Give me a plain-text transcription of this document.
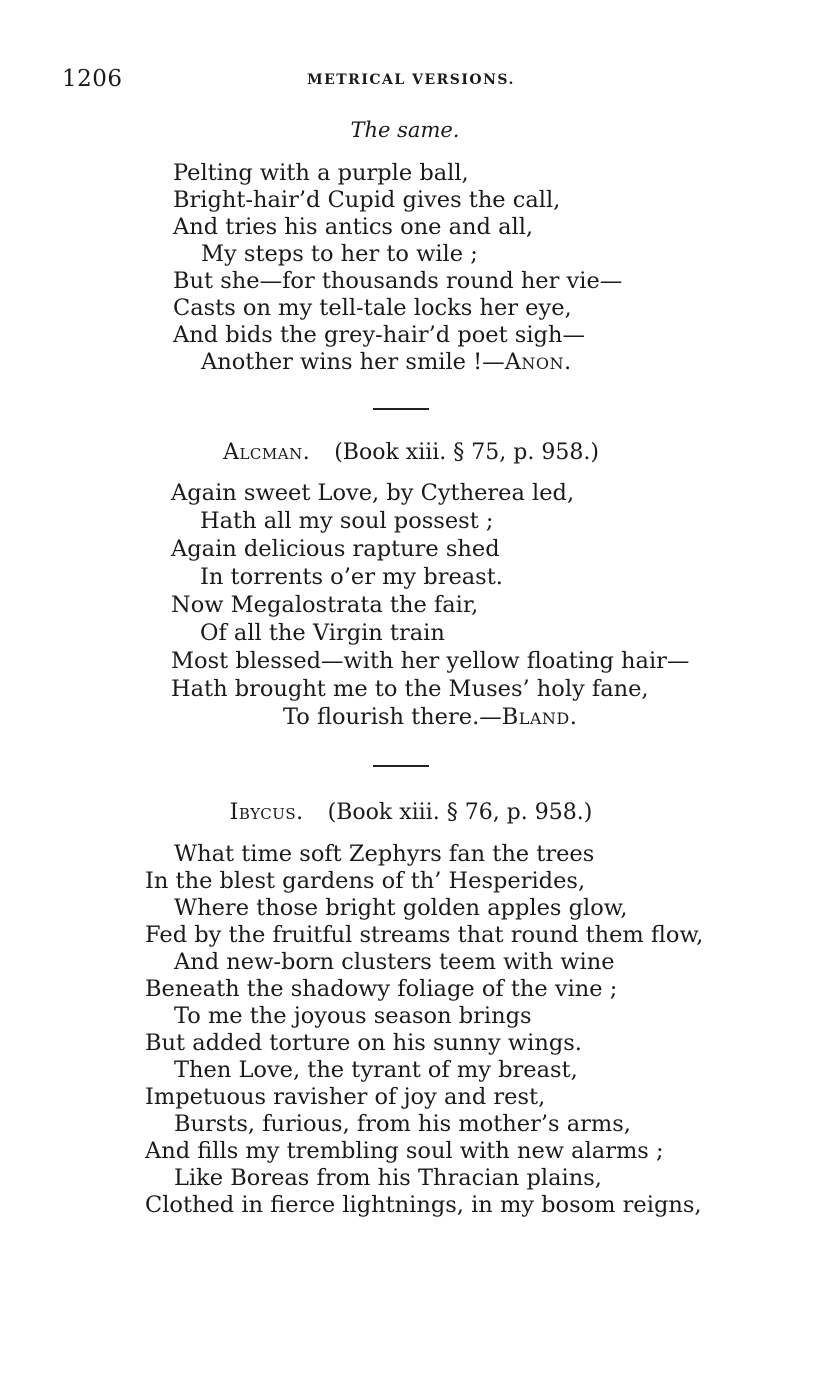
1206	METRICAL VERSIONS.
The same.
Pelting with a purple ball,
Bright-hair’d Cupid gives the call,
And tries his antics one and all,
My steps to her to wile ;
But she—for thousands round her vie—
Casts on my tell-tale locks her eye,
And bids the grey-hair’d poet sigh—
Another wins her smile !—Anon.
Alcman. (Book xiii. § 75, p. 958.)
Again sweet Love, by Cytherea led,
Hath all my soul possest ;
Again delicious rapture shed
In torrents o’er my breast.
Now Megalostrata the fair,
Of all the Virgin train
Most blessed—with her yellow floating hair—
Hath brought me to the Muses’ holy fane,
To flourish there.—Bland.
Ibycus. (Book xiii. § 76, p. 958.)
What time soft Zephyrs fan the trees
In the blest gardens of th’ Hesperides,
Where those bright golden apples glow,
Fed by the fruitful streams that round them flow,
And new-born clusters teem with wine
Beneath the shadowy foliage of the vine ;
To me the joyous season brings
But added torture on his sunny wings.
Then Love, the tyrant of my breast,
Impetuous ravisher of joy and rest,
Bursts, furious, from his mother’s arms,
And fills my trembling soul with new alarms ;
Like Boreas from his Thracian plains,
Clothed in fierce lightnings, in my bosom reigns,
